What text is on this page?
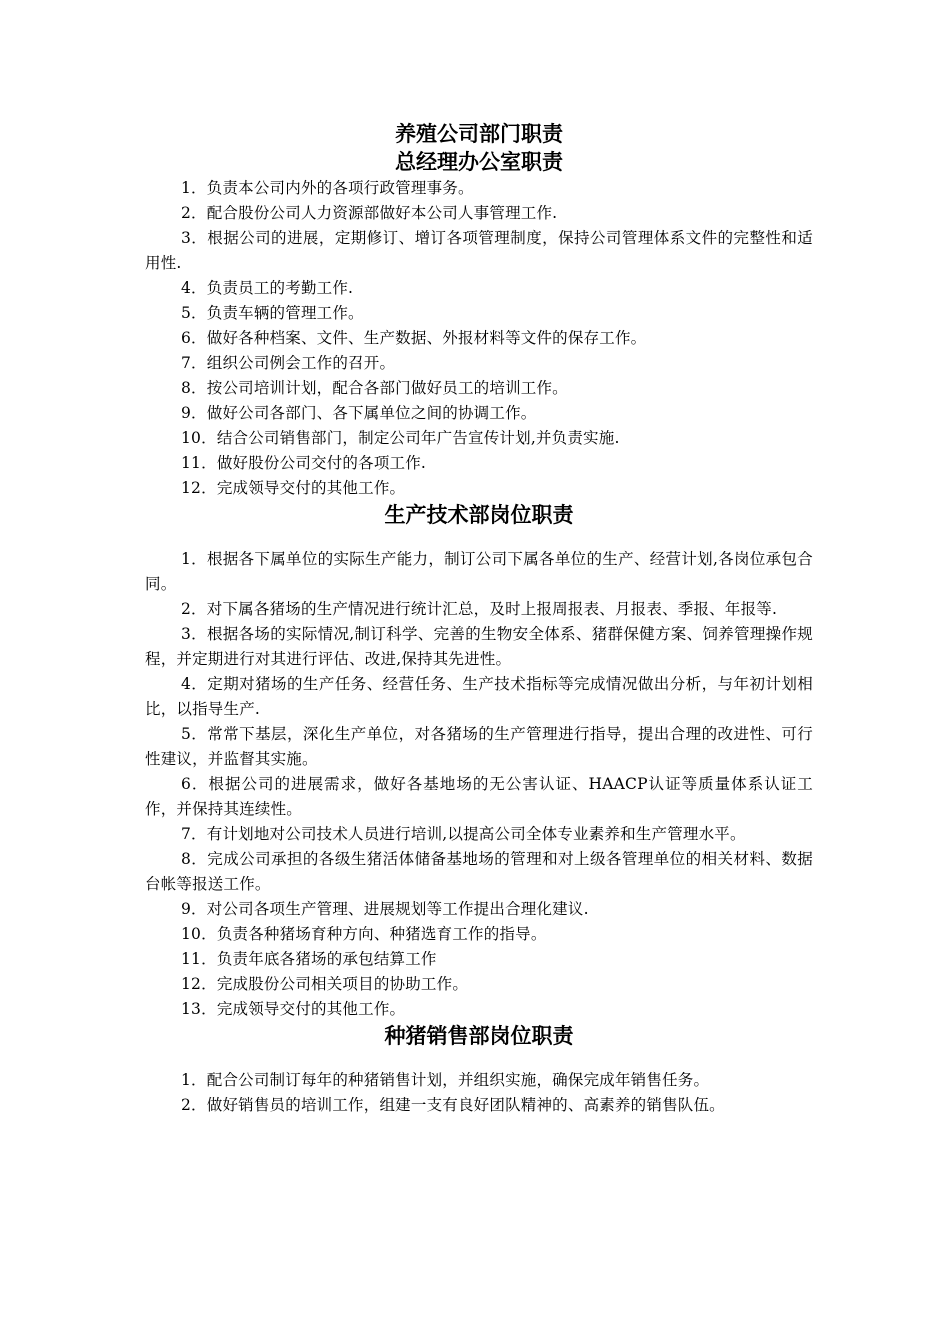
养殖公司部门职责
总经理办公室职责

1．负责本公司内外的各项行政管理事务。

2．配合股份公司人力资源部做好本公司人事管理工作.

3．根据公司的进展，定期修订、增订各项管理制度，保持公司管理体系文件的完整性和适用性.

4．负责员工的考勤工作.

5．负责车辆的管理工作。

6．做好各种档案、文件、生产数据、外报材料等文件的保存工作。

7．组织公司例会工作的召开。

8．按公司培训计划，配合各部门做好员工的培训工作。

9．做好公司各部门、各下属单位之间的协调工作。

10．结合公司销售部门，制定公司年广告宣传计划,并负责实施.

11．做好股份公司交付的各项工作.

12．完成领导交付的其他工作。

生产技术部岗位职责

1．根据各下属单位的实际生产能力，制订公司下属各单位的生产、经营计划,各岗位承包合同。

2．对下属各猪场的生产情况进行统计汇总，及时上报周报表、月报表、季报、年报等.

3．根据各场的实际情况,制订科学、完善的生物安全体系、猪群保健方案、饲养管理操作规程，并定期进行对其进行评估、改进,保持其先进性。

4．定期对猪场的生产任务、经营任务、生产技术指标等完成情况做出分析，与年初计划相比，以指导生产.

5．常常下基层，深化生产单位，对各猪场的生产管理进行指导，提出合理的改进性、可行性建议，并监督其实施。

6．根据公司的进展需求，做好各基地场的无公害认证、HAACP认证等质量体系认证工作，并保持其连续性。

7．有计划地对公司技术人员进行培训,以提高公司全体专业素养和生产管理水平。

8．完成公司承担的各级生猪活体储备基地场的管理和对上级各管理单位的相关材料、数据台帐等报送工作。

9．对公司各项生产管理、进展规划等工作提出合理化建议.

10．负责各种猪场育种方向、种猪选育工作的指导。

11．负责年底各猪场的承包结算工作

12．完成股份公司相关项目的协助工作。

13．完成领导交付的其他工作。

种猪销售部岗位职责

1．配合公司制订每年的种猪销售计划，并组织实施，确保完成年销售任务。

2．做好销售员的培训工作，组建一支有良好团队精神的、高素养的销售队伍。
